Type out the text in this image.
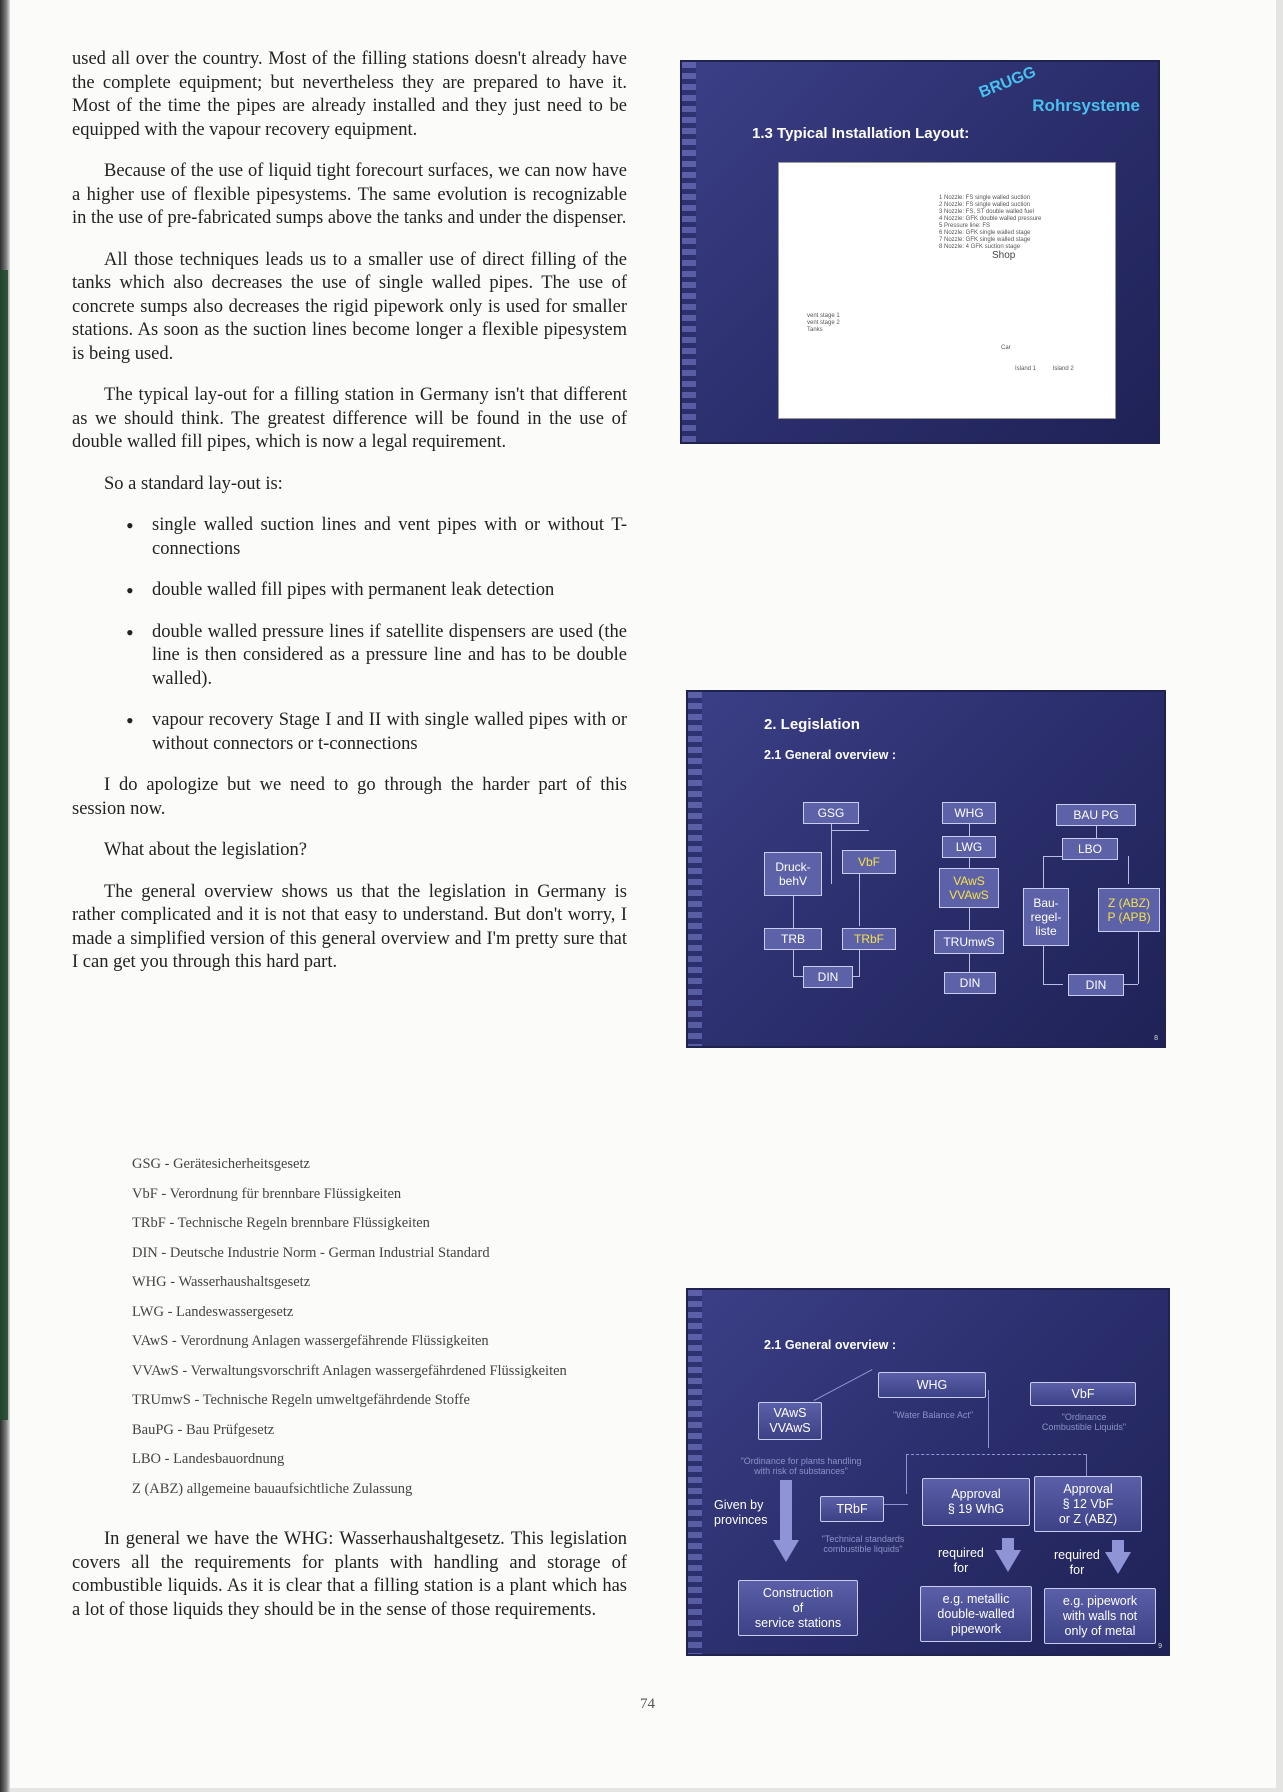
used all over the country. Most of the filling stations doesn't already have the complete equipment; but nevertheless they are prepared to have it. Most of the time the pipes are already installed and they just need to be equipped with the vapour recovery equipment.

Because of the use of liquid tight forecourt surfaces, we can now have a higher use of flexible pipesystems. The same evolution is recognizable in the use of pre-fabricated sumps above the tanks and under the dispenser.

All those techniques leads us to a smaller use of direct filling of the tanks which also decreases the use of single walled pipes. The use of concrete sumps also decreases the rigid pipework only is used for smaller stations. As soon as the suction lines become longer a flexible pipesystem is being used.

The typical lay-out for a filling station in Germany isn't that different as we should think. The greatest difference will be found in the use of double walled fill pipes, which is now a legal requirement.

So a standard lay-out is:

• single walled suction lines and vent pipes with or without T-connections
• double walled fill pipes with permanent leak detection
• double walled pressure lines if satellite dispensers are used (the line is then considered as a pressure line and has to be double walled).
• vapour recovery Stage I and II with single walled pipes with or without connectors or t-connections

I do apologize but we need to go through the harder part of this session now.

What about the legislation?

The general overview shows us that the legislation in Germany is rather complicated and it is not that easy to understand. But don't worry, I made a simplified version of this general overview and I'm pretty sure that I can get you through this hard part.

GSG - Gerätesicherheitsgesetz
VbF - Verordnung für brennbare Flüssigkeiten
TRbF - Technische Regeln brennbare Flüssigkeiten
DIN - Deutsche Industrie Norm - German Industrial Standard
WHG - Wasserhaushaltsgesetz
LWG - Landeswassergesetz
VAwS - Verordnung Anlagen wassergefährende Flüssigkeiten
VVAwS - Verwaltungsvorschrift Anlagen wassergefährdened Flüssigkeiten
TRUmwS - Technische Regeln umweltgefährdende Stoffe
BauPG - Bau Prüfgesetz
LBO - Landesbauordnung
Z (ABZ) allgemeine bauaufsichtliche Zulassung

In general we have the WHG: Wasserhaushaltgesetz. This legislation covers all the requirements for plants with handling and storage of combustible liquids. As it is clear that a filling station is a plant which has a lot of those liquids they should be in the sense of those requirements.

74
BRUGG
Rohrsysteme
1.3 Typical Installation Layout:

1 Nozzle: FS single walled suction
2 Nozzle: FS single walled suction
3 Nozzle: FS, ST double walled fuel
4 Nozzle: GFK double walled pressure
5 Pressure line: FS
6 Nozzle: GFK single walled stage
7 Nozzle: GFK single walled stage
8 Nozzle: 4 GFK suction stage

Shop
vent stage 1
vent stage 2
Tanks
Car
Island 1          Island 2
2. Legislation
2.1 General overview :
GSG
Druck-
behV
VbF
TRB	TRbF
DIN
WHG
LWG
VAwS
VVAwS
TRUmwS
DIN
BAU PG
LBO
Bau-
regel-
liste
Z (ABZ)
P (APB)
DIN
8
2.1 General overview :
WHG
"Water Balance Act"
VbF
"Ordinance
Combustible Liquids"
VAwS
VVAwS
"Ordinance for plants handling
with risk of substances"
Given by
provinces
TRbF
"Technical standards
combustible liquids"
Approval
§ 19 WhG
Approval
§ 12 VbF
or Z (ABZ)
required
for
required
for
Construction
of
service stations
e.g. metallic
double-walled
pipework
e.g. pipework
with walls not
only of metal
9
